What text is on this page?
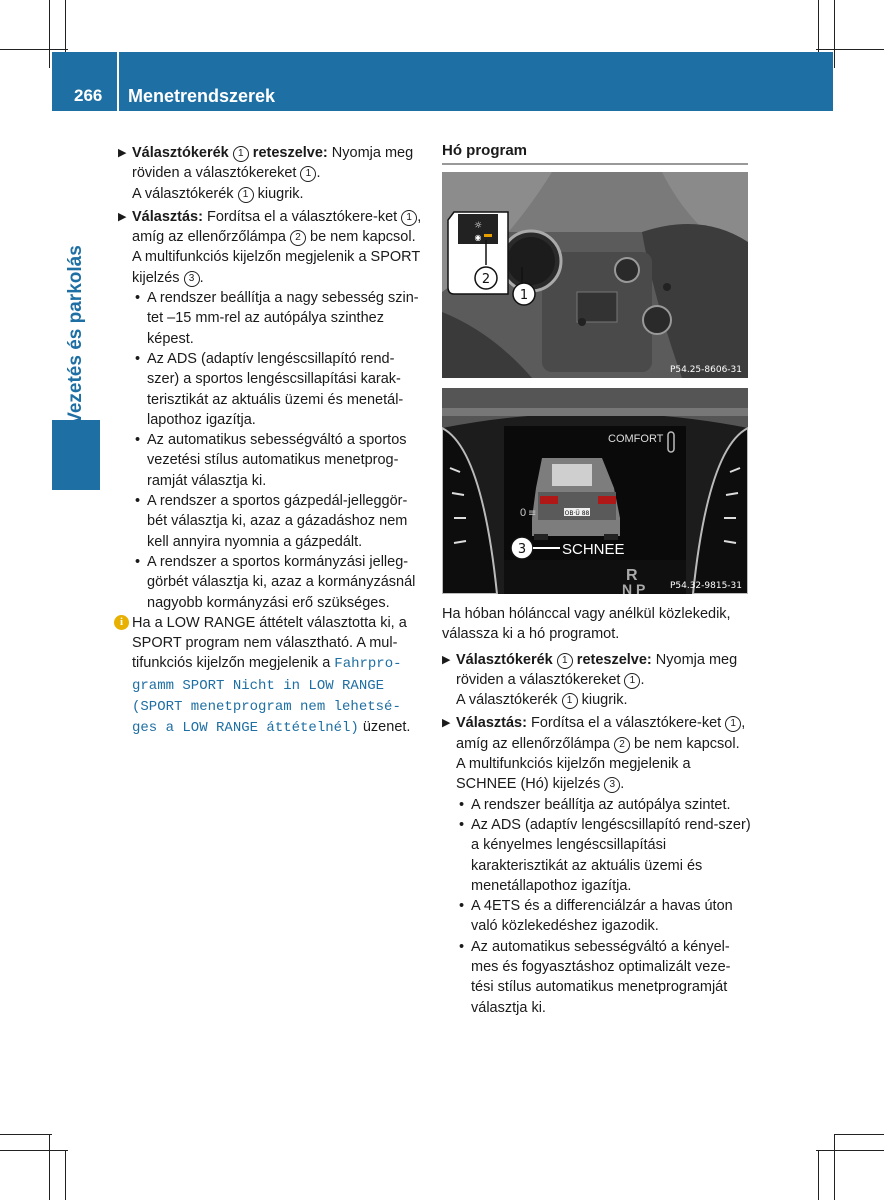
266 Menetrendszerek
Vezetés és parkolás

▶ Választókerék 1 reteszelve: Nyomja meg röviden a választókereket 1 .
A választókerék 1 kiugrik.

▶ Választás: Fordítsa el a választókere-ket 1 , amíg az ellenőrzőlámpa 2 be nem kapcsol.
A multifunkciós kijelzőn megjelenik a SPORT kijelzés 3 .

• A rendszer beállítja a nagy sebesség szin-tet –15 mm-rel az autópálya szinthez képest.

• Az ADS (adaptív lengéscsillapító rend-szer) a sportos lengéscsillapítási karak-terisztikát az aktuális üzemi és menetál-lapothoz igazítja.

• Az automatikus sebességváltó a sportos vezetési stílus automatikus menetprog-ramját választja ki.

• A rendszer a sportos gázpedál-jelleggör-bét választja ki, azaz a gázadáshoz nem kell annyira nyomnia a gázpedált.

• A rendszer a sportos kormányzási jelleg-görbét választja ki, azaz a kormányzásnál nagyobb kormányzási erő szükséges.

i Ha a LOW RANGE áttételt választotta ki, a SPORT program nem választható. A mul-tifunkciós kijelzőn megjelenik a Fahrpro-gramm SPORT Nicht in LOW RANGE (SPORT menetprogram nem lehetsé-ges a LOW RANGE áttételnél) üzenet.

Hó program
☼
◉
2
1
P54.25-8606-31
COMFORT
OB·Ü 88
0 ≡
3 SCHNEE
R
N P	P54.32-9815-31

Ha hóban hólánccal vagy anélkül közlekedik, válassza ki a hó programot.

▶ Választókerék 1 reteszelve: Nyomja meg röviden a választókereket 1 .
A választókerék 1 kiugrik.

▶ Választás: Fordítsa el a választókere-ket 1 , amíg az ellenőrzőlámpa 2 be nem kapcsol.
A multifunkciós kijelzőn megjelenik a SCHNEE (Hó) kijelzés 3 .

• A rendszer beállítja az autópálya szintet.

• Az ADS (adaptív lengéscsillapító rend-szer) a kényelmes lengéscsillapítási karakterisztikát az aktuális üzemi és menetállapothoz igazítja.

• A 4ETS és a differenciálzár a havas úton való közlekedéshez igazodik.

• Az automatikus sebességváltó a kényel-mes és fogyasztáshoz optimalizált veze-tési stílus automatikus menetprogramját választja ki.
